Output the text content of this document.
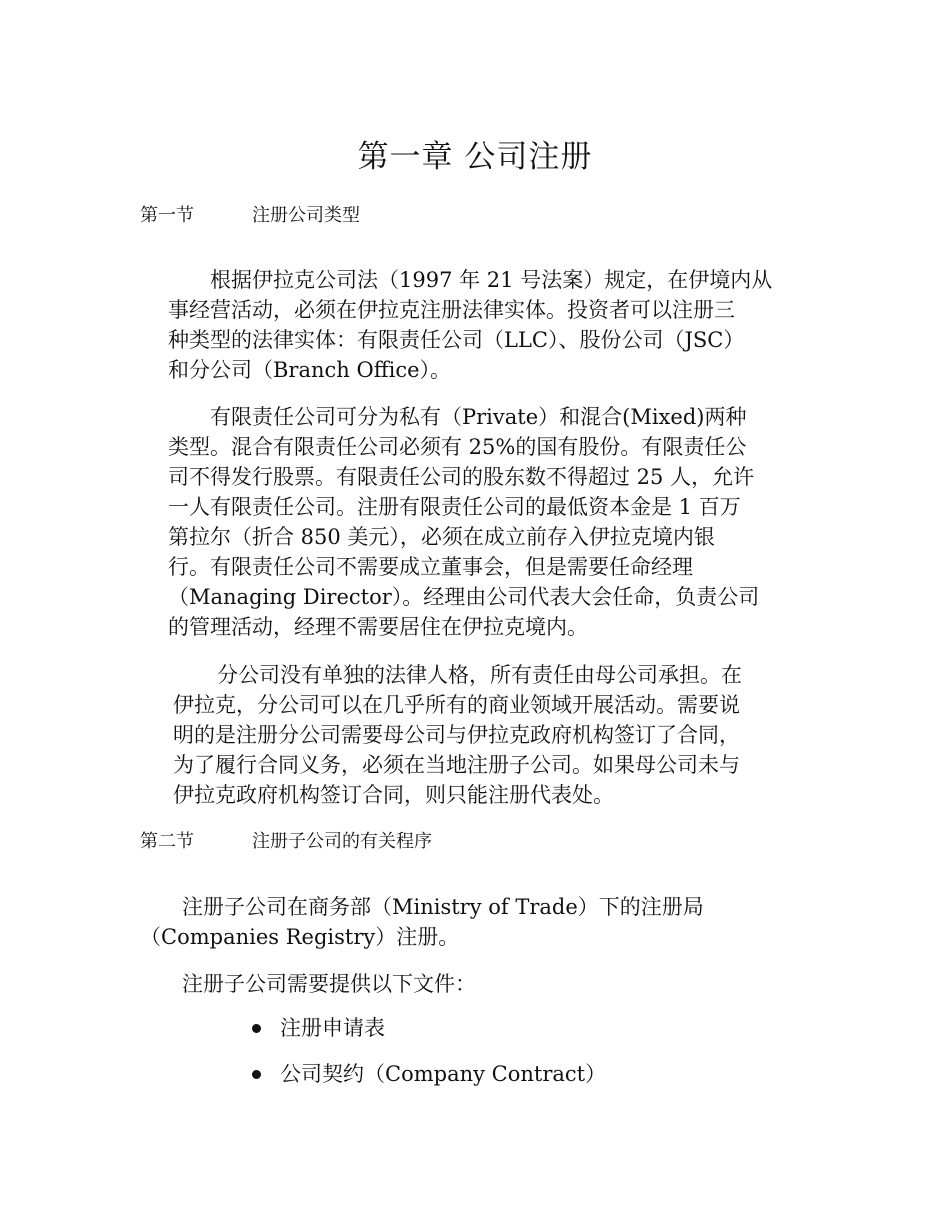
第一章 公司注册
第一节	注册公司类型
根据伊拉克公司法（1997 年 21 号法案）规定，在伊境内从
事经营活动，必须在伊拉克注册法律实体。投资者可以注册三
种类型的法律实体：有限责任公司（LLC）、股份公司（JSC）
和分公司（Branch Office）。
有限责任公司可分为私有（Private）和混合(Mixed)两种
类型。混合有限责任公司必须有 25%的国有股份。有限责任公
司不得发行股票。有限责任公司的股东数不得超过 25 人，允许
一人有限责任公司。注册有限责任公司的最低资本金是 1 百万
第拉尔（折合 850 美元），必须在成立前存入伊拉克境内银
行。有限责任公司不需要成立董事会，但是需要任命经理
（Managing Director）。经理由公司代表大会任命，负责公司
的管理活动，经理不需要居住在伊拉克境内。
分公司没有单独的法律人格，所有责任由母公司承担。在
伊拉克，分公司可以在几乎所有的商业领域开展活动。需要说
明的是注册分公司需要母公司与伊拉克政府机构签订了合同，
为了履行合同义务，必须在当地注册子公司。如果母公司未与
伊拉克政府机构签订合同，则只能注册代表处。
第二节	注册子公司的有关程序
注册子公司在商务部（Ministry of Trade）下的注册局
（Companies Registry）注册。
注册子公司需要提供以下文件：
注册申请表
公司契约（Company Contract）
